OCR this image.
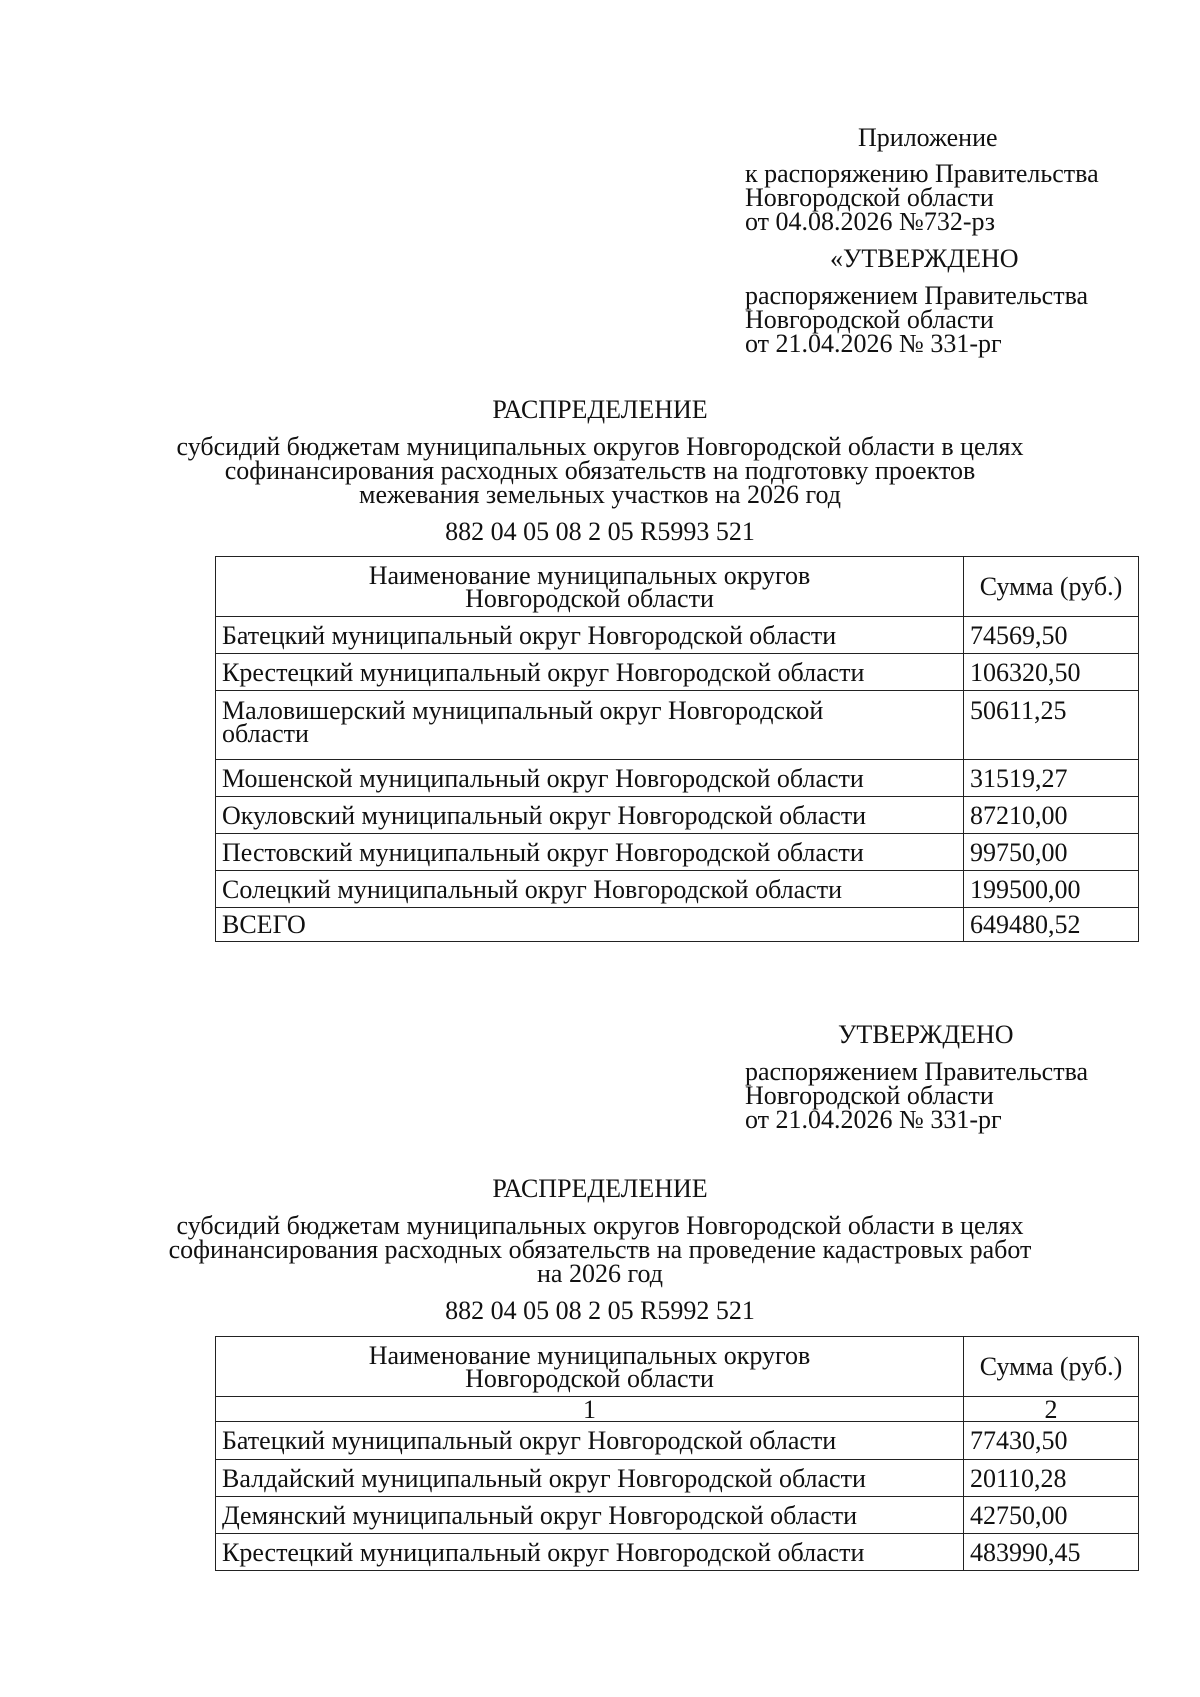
Приложение
к распоряжению Правительства
Новгородской области
от 04.08.2026 №732-рз
«УТВЕРЖДЕНО
распоряжением Правительства
Новгородской области
от 21.04.2026 № 331-рг
РАСПРЕДЕЛЕНИЕ
субсидий бюджетам муниципальных округов Новгородской области в целях
софинансирования расходных обязательств на подготовку проектов
межевания земельных участков на 2026 год
882 04 05 08 2 05 R5993 521
Наименование муниципальных округов
Новгородской области	Сумма (руб.)
Батецкий муниципальный округ Новгородской области	74569,50
Крестецкий муниципальный округ Новгородской области	106320,50

Маловишерский муниципальный округ Новгородской
области	50611,25
Мошенской муниципальный округ Новгородской области	31519,27
Окуловский муниципальный округ Новгородской области	87210,00
Пестовский муниципальный округ Новгородской области	99750,00
Солецкий муниципальный округ Новгородской области	199500,00
ВСЕГО	649480,52
УТВЕРЖДЕНО
распоряжением Правительства
Новгородской области
от 21.04.2026 № 331-рг
РАСПРЕДЕЛЕНИЕ
субсидий бюджетам муниципальных округов Новгородской области в целях
софинансирования расходных обязательств на проведение кадастровых работ
на 2026 год
882 04 05 08 2 05 R5992 521
Наименование муниципальных округов
Новгородской области	Сумма (руб.)
1	2
Батецкий муниципальный округ Новгородской области	77430,50
Валдайский муниципальный округ Новгородской области	20110,28
Демянский муниципальный округ Новгородской области	42750,00
Крестецкий муниципальный округ Новгородской области	483990,45
